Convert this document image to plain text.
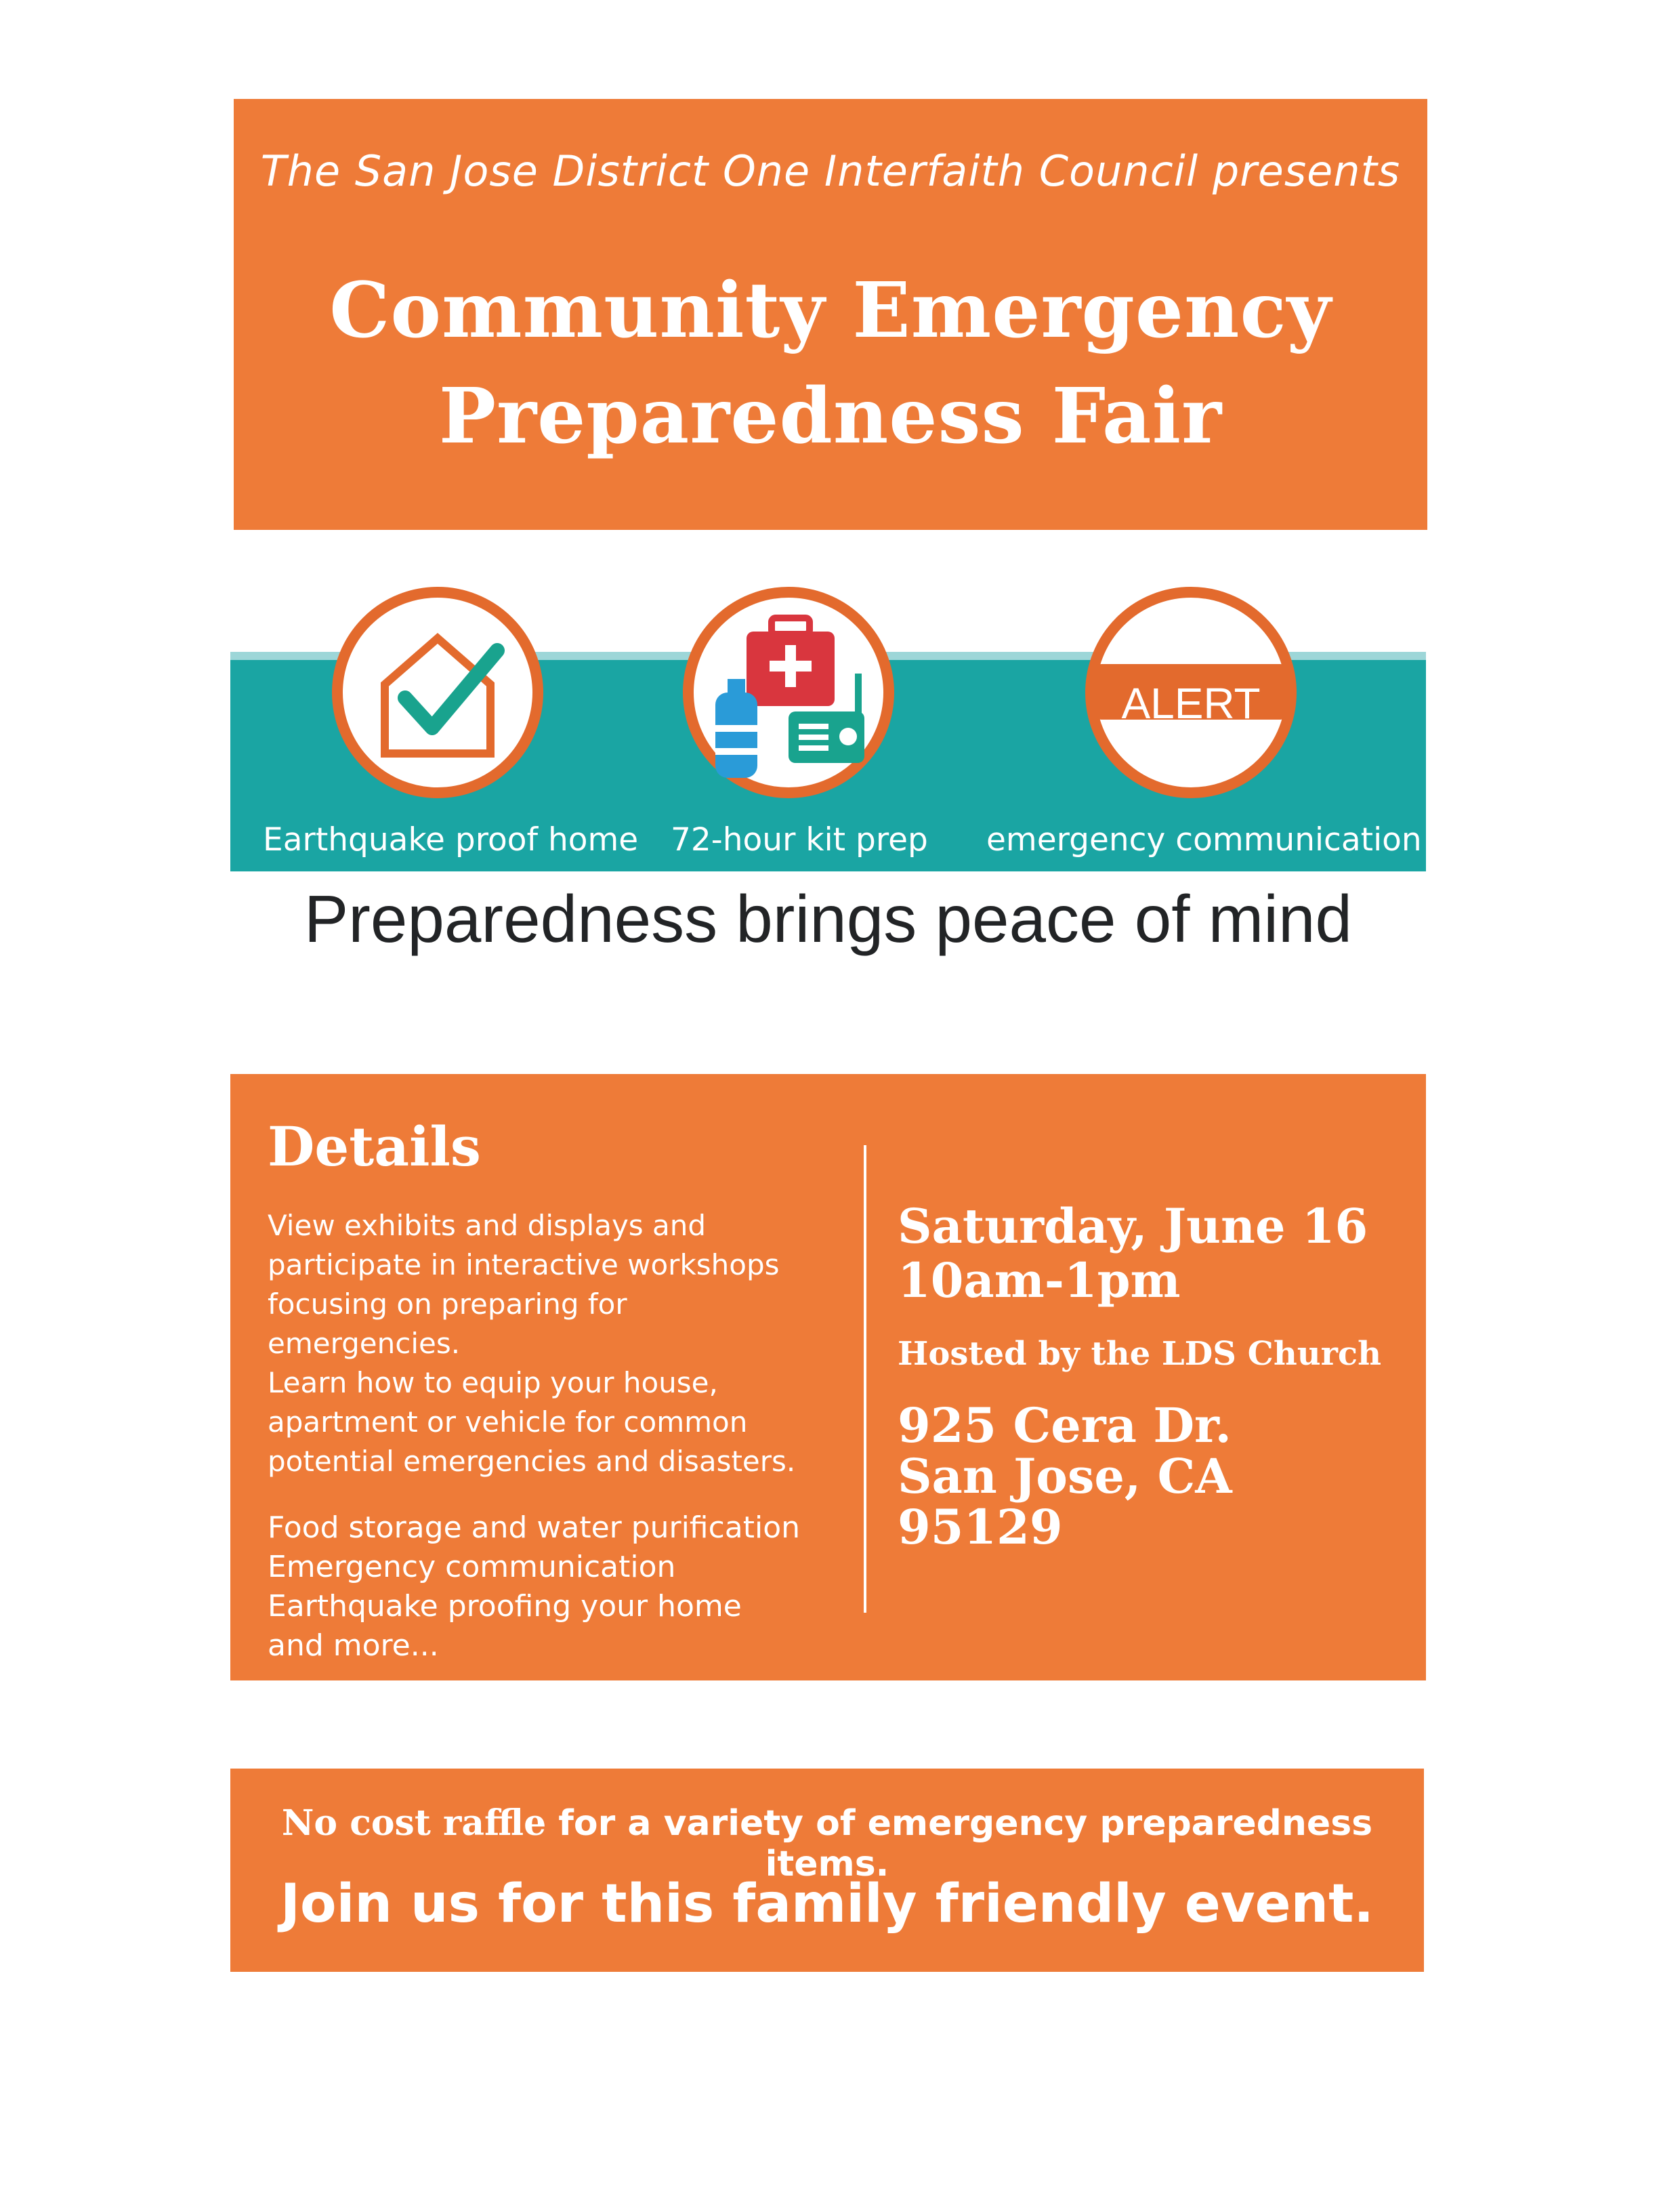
The San Jose District One Interfaith Council presents
Community Emergency
Preparedness Fair
ALERT
Earthquake proof home 72-hour kit prep emergency communication
Preparedness brings peace of mind
Details
View exhibits and displays and
participate in interactive workshops
focusing on preparing for emergencies.
Learn how to equip your house,
apartment or vehicle for common
potential emergencies and disasters.
Food storage and water purification
Emergency communication
Earthquake proofing your home
and more...
Saturday, June 16
10am-1pm
Hosted by the LDS Church
925 Cera Dr.
San Jose, CA
95129
No cost raffle for a variety of emergency preparedness items.
Join us for this family friendly event.
